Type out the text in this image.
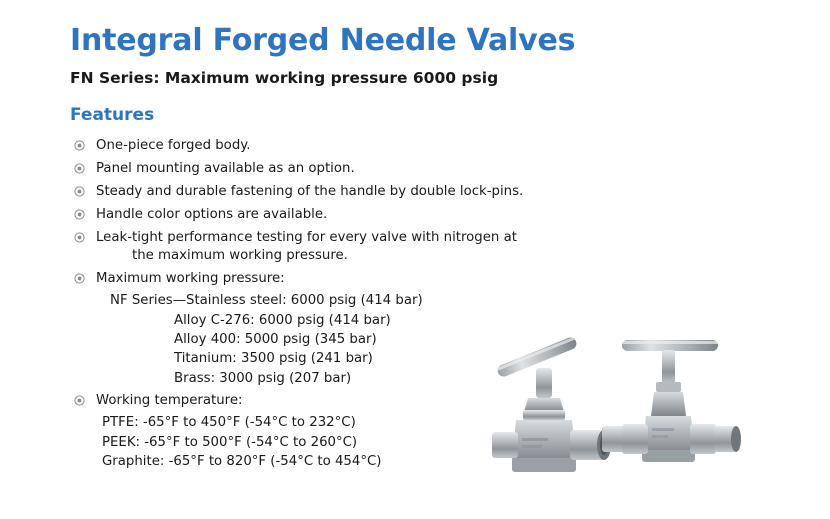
Integral Forged Needle Valves
FN Series: Maximum working pressure 6000 psig
Features
One-piece forged body.
Panel mounting available as an option.
Steady and durable fastening of the handle by double lock-pins.
Handle color options are available.
Leak-tight performance testing for every valve with nitrogen at
the maximum working pressure.
Maximum working pressure:
NF Series—Stainless steel: 6000 psig (414 bar)
Alloy C-276: 6000 psig (414 bar)
Alloy 400: 5000 psig (345 bar)
Titanium: 3500 psig (241 bar)
Brass: 3000 psig (207 bar)
Working temperature:
PTFE: -65°F to 450°F (-54°C to 232°C)
PEEK: -65°F to 500°F (-54°C to 260°C)
Graphite: -65°F to 820°F (-54°C to 454°C)
